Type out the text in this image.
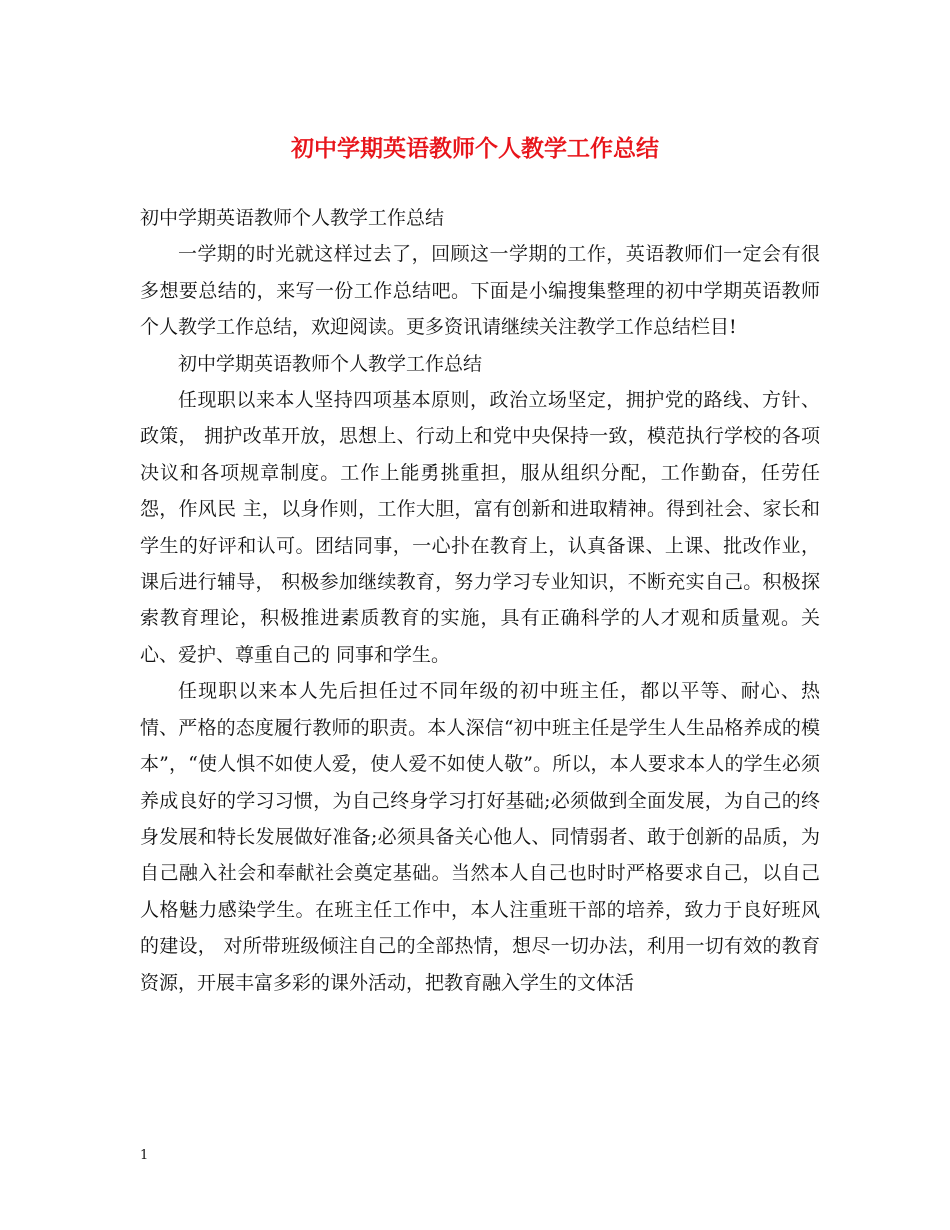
初中学期英语教师个人教学工作总结

初中学期英语教师个人教学工作总结

一学期的时光就这样过去了，回顾这一学期的工作，英语教师们一定会有很多想要总结的，来写一份工作总结吧。下面是小编搜集整理的初中学期英语教师个人教学工作总结，欢迎阅读。更多资讯请继续关注教学工作总结栏目!

初中学期英语教师个人教学工作总结

任现职以来本人坚持四项基本原则，政治立场坚定，拥护党的路线、方针、政策， 拥护改革开放，思想上、行动上和党中央保持一致，模范执行学校的各项决议和各项规章制度。工作上能勇挑重担，服从组织分配，工作勤奋，任劳任怨，作风民 主，以身作则，工作大胆，富有创新和进取精神。得到社会、家长和学生的好评和认可。团结同事，一心扑在教育上，认真备课、上课、批改作业，课后进行辅导， 积极参加继续教育，努力学习专业知识，不断充实自己。积极探索教育理论，积极推进素质教育的实施，具有正确科学的人才观和质量观。关心、爱护、尊重自己的 同事和学生。

任现职以来本人先后担任过不同年级的初中班主任，都以平等、耐心、热情、严格的态度履行教师的职责。本人深信“初中班主任是学生人生品格养成的模本”，“使人惧不如使人爱，使人爱不如使人敬”。所以，本人要求本人的学生必须养成良好的学习习惯，为自己终身学习打好基础;必须做到全面发展，为自己的终身发展和特长发展做好准备;必须具备关心他人、同情弱者、敢于创新的品质，为自己融入社会和奉献社会奠定基础。当然本人自己也时时严格要求自己，以自己人格魅力感染学生。在班主任工作中，本人注重班干部的培养，致力于良好班风的建设， 对所带班级倾注自己的全部热情，想尽一切办法，利用一切有效的教育资源，开展丰富多彩的课外活动，把教育融入学生的文体活

1
